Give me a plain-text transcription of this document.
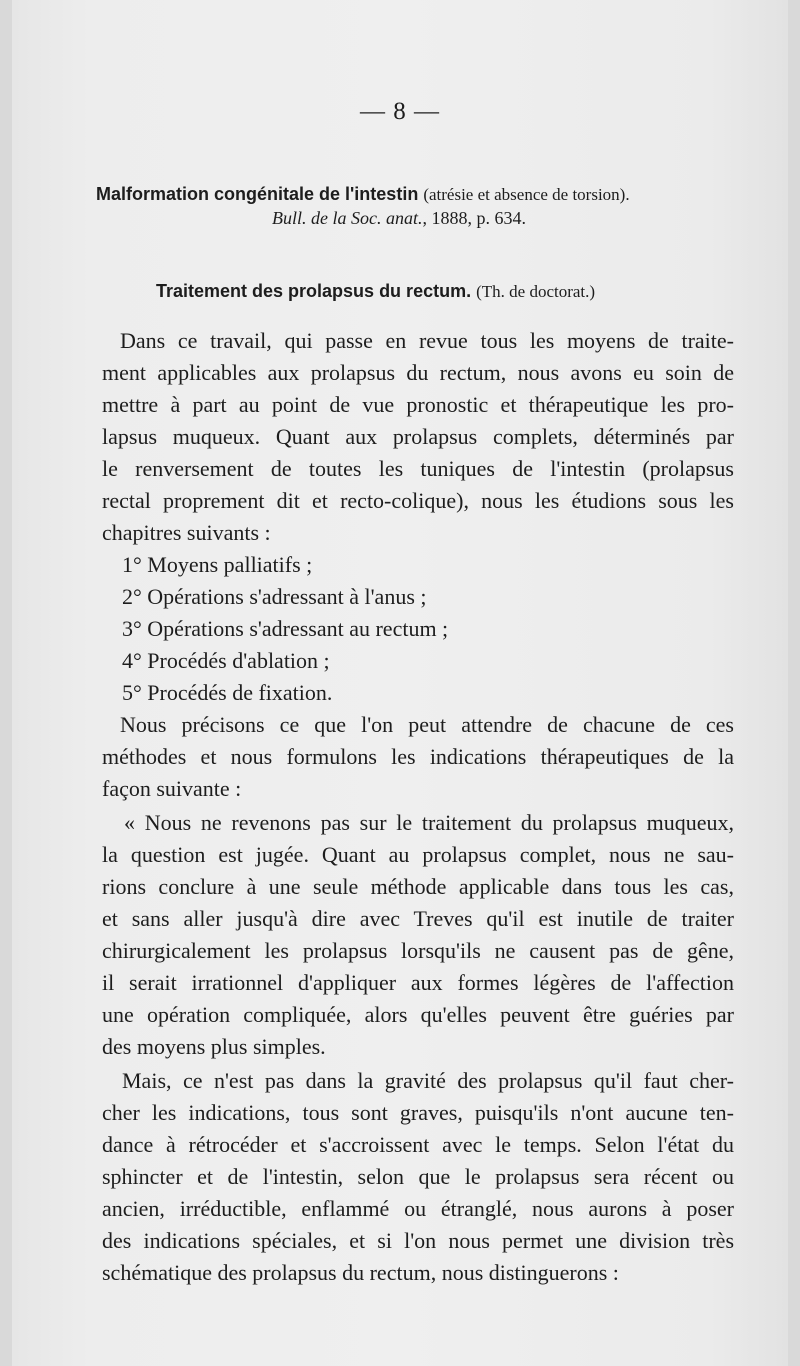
— 8 —
Malformation congénitale de l'intestin (atrésie et absence de torsion).
Bull. de la Soc. anat., 1888, p. 634.
Traitement des prolapsus du rectum. (Th. de doctorat.)
Dans ce travail, qui passe en revue tous les moyens de traite-
ment applicables aux prolapsus du rectum, nous avons eu soin de
mettre à part au point de vue pronostic et thérapeutique les pro-
lapsus muqueux. Quant aux prolapsus complets, déterminés par
le renversement de toutes les tuniques de l'intestin (prolapsus
rectal proprement dit et recto-colique), nous les étudions sous les
chapitres suivants :
1° Moyens palliatifs ;
2° Opérations s'adressant à l'anus ;
3° Opérations s'adressant au rectum ;
4° Procédés d'ablation ;
5° Procédés de fixation.
Nous précisons ce que l'on peut attendre de chacune de ces
méthodes et nous formulons les indications thérapeutiques de la
façon suivante :
« Nous ne revenons pas sur le traitement du prolapsus muqueux,
la question est jugée. Quant au prolapsus complet, nous ne sau-
rions conclure à une seule méthode applicable dans tous les cas,
et sans aller jusqu'à dire avec Treves qu'il est inutile de traiter
chirurgicalement les prolapsus lorsqu'ils ne causent pas de gêne,
il serait irrationnel d'appliquer aux formes légères de l'affection
une opération compliquée, alors qu'elles peuvent être guéries par
des moyens plus simples.
Mais, ce n'est pas dans la gravité des prolapsus qu'il faut cher-
cher les indications, tous sont graves, puisqu'ils n'ont aucune ten-
dance à rétrocéder et s'accroissent avec le temps. Selon l'état du
sphincter et de l'intestin, selon que le prolapsus sera récent ou
ancien, irréductible, enflammé ou étranglé, nous aurons à poser
des indications spéciales, et si l'on nous permet une division très
schématique des prolapsus du rectum, nous distinguerons :
